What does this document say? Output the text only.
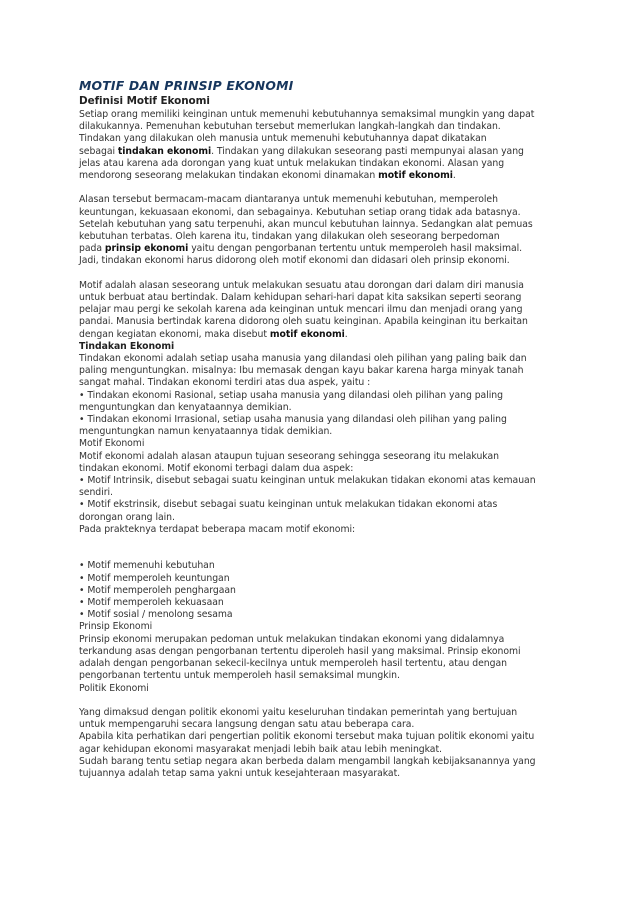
MOTIF DAN PRINSIP EKONOMI
Definisi Motif Ekonomi

Setiap orang memiliki keinginan untuk memenuhi kebutuhannya semaksimal mungkin yang dapat
dilakukannya. Pemenuhan kebutuhan tersebut memerlukan langkah-langkah dan tindakan.
Tindakan yang dilakukan oleh manusia untuk memenuhi kebutuhannya dapat dikatakan
sebagai tindakan ekonomi. Tindakan yang dilakukan seseorang pasti mempunyai alasan yang
jelas atau karena ada dorongan yang kuat untuk melakukan tindakan ekonomi. Alasan yang
mendorong seseorang melakukan tindakan ekonomi dinamakan motif ekonomi.

Alasan tersebut bermacam-macam diantaranya untuk memenuhi kebutuhan, memperoleh
keuntungan, kekuasaan ekonomi, dan sebagainya. Kebutuhan setiap orang tidak ada batasnya.
Setelah kebutuhan yang satu terpenuhi, akan muncul kebutuhan lainnya. Sedangkan alat pemuas
kebutuhan terbatas. Oleh karena itu, tindakan yang dilakukan oleh seseorang berpedoman
pada prinsip ekonomi yaitu dengan pengorbanan tertentu untuk memperoleh hasil maksimal.
Jadi, tindakan ekonomi harus didorong oleh motif ekonomi dan didasari oleh prinsip ekonomi.

Motif adalah alasan seseorang untuk melakukan sesuatu atau dorongan dari dalam diri manusia
untuk berbuat atau bertindak. Dalam kehidupan sehari-hari dapat kita saksikan seperti seorang
pelajar mau pergi ke sekolah karena ada keinginan untuk mencari ilmu dan menjadi orang yang
pandai. Manusia bertindak karena didorong oleh suatu keinginan. Apabila keinginan itu berkaitan
dengan kegiatan ekonomi, maka disebut motif ekonomi.

Tindakan Ekonomi

Tindakan ekonomi adalah setiap usaha manusia yang dilandasi oleh pilihan yang paling baik dan
paling menguntungkan. misalnya: Ibu memasak dengan kayu bakar karena harga minyak tanah
sangat mahal. Tindakan ekonomi terdiri atas dua aspek, yaitu :
• Tindakan ekonomi Rasional, setiap usaha manusia yang dilandasi oleh pilihan yang paling
menguntungkan dan kenyataannya demikian.
• Tindakan ekonomi Irrasional, setiap usaha manusia yang dilandasi oleh pilihan yang paling
menguntungkan namun kenyataannya tidak demikian.

Motif Ekonomi

Motif ekonomi adalah alasan ataupun tujuan seseorang sehingga seseorang itu melakukan
tindakan ekonomi. Motif ekonomi terbagi dalam dua aspek:
• Motif Intrinsik, disebut sebagai suatu keinginan untuk melakukan tidakan ekonomi atas kemauan
sendiri.
• Motif ekstrinsik, disebut sebagai suatu keinginan untuk melakukan tidakan ekonomi atas
dorongan orang lain.
Pada prakteknya terdapat beberapa macam motif ekonomi:

• Motif memenuhi kebutuhan
• Motif memperoleh keuntungan
• Motif memperoleh penghargaan
• Motif memperoleh kekuasaan
• Motif sosial / menolong sesama
Prinsip Ekonomi

Prinsip ekonomi merupakan pedoman untuk melakukan tindakan ekonomi yang didalamnya
terkandung asas dengan pengorbanan tertentu diperoleh hasil yang maksimal. Prinsip ekonomi
adalah dengan pengorbanan sekecil-kecilnya untuk memperoleh hasil tertentu, atau dengan
pengorbanan tertentu untuk memperoleh hasil semaksimal mungkin.

Politik Ekonomi

Yang dimaksud dengan politik ekonomi yaitu keseluruhan tindakan pemerintah yang bertujuan
untuk mempengaruhi secara langsung dengan satu atau beberapa cara.
Apabila kita perhatikan dari pengertian politik ekonomi tersebut maka tujuan politik ekonomi yaitu
agar kehidupan ekonomi masyarakat menjadi lebih baik atau lebih meningkat.
Sudah barang tentu setiap negara akan berbeda dalam mengambil langkah kebijaksanannya yang
tujuannya adalah tetap sama yakni untuk kesejahteraan masyarakat.
